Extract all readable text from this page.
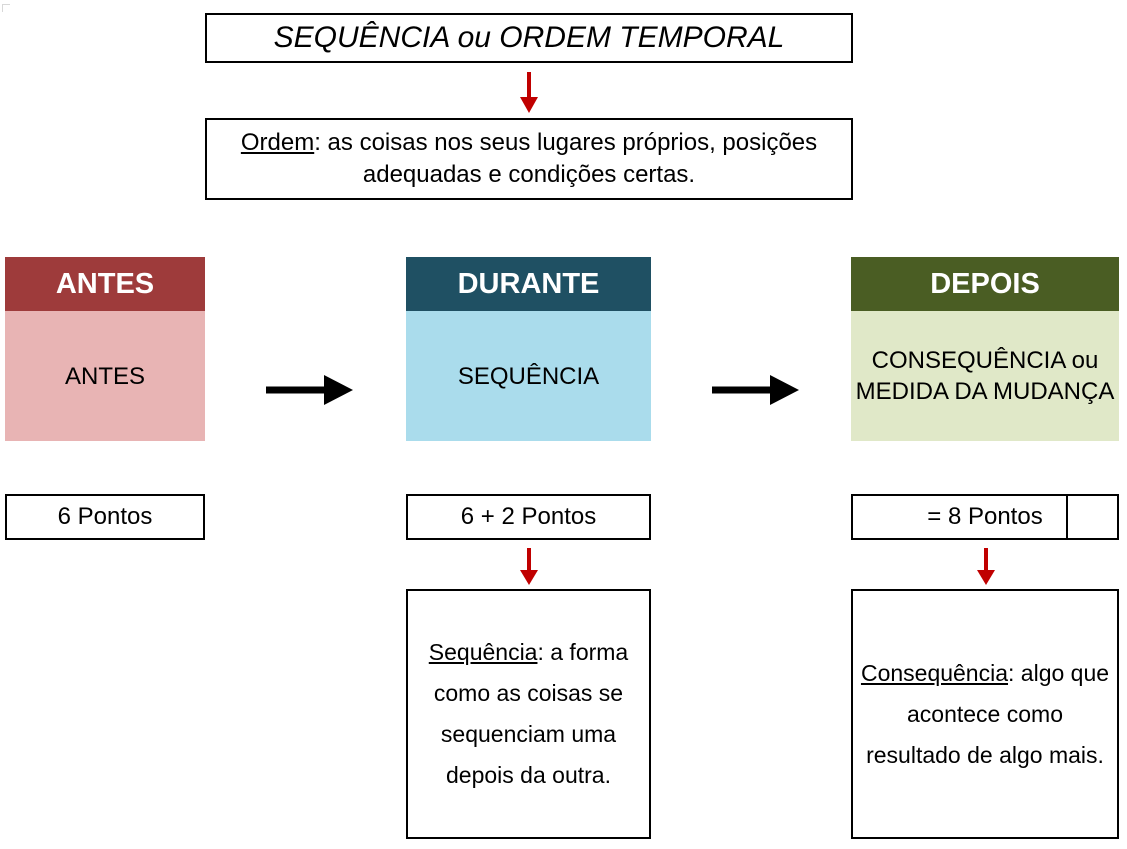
SEQUÊNCIA ou ORDEM TEMPORAL
Ordem: as coisas nos seus lugares próprios, posições adequadas e condições certas.
ANTES
ANTES
DURANTE
SEQUÊNCIA
DEPOIS
CONSEQUÊNCIA ou MEDIDA DA MUDANÇA
6 Pontos	6 + 2 Pontos	= 8 Pontos
Sequência: a forma como as coisas se sequenciam uma depois da outra.
Consequência: algo que acontece como resultado de algo mais.
